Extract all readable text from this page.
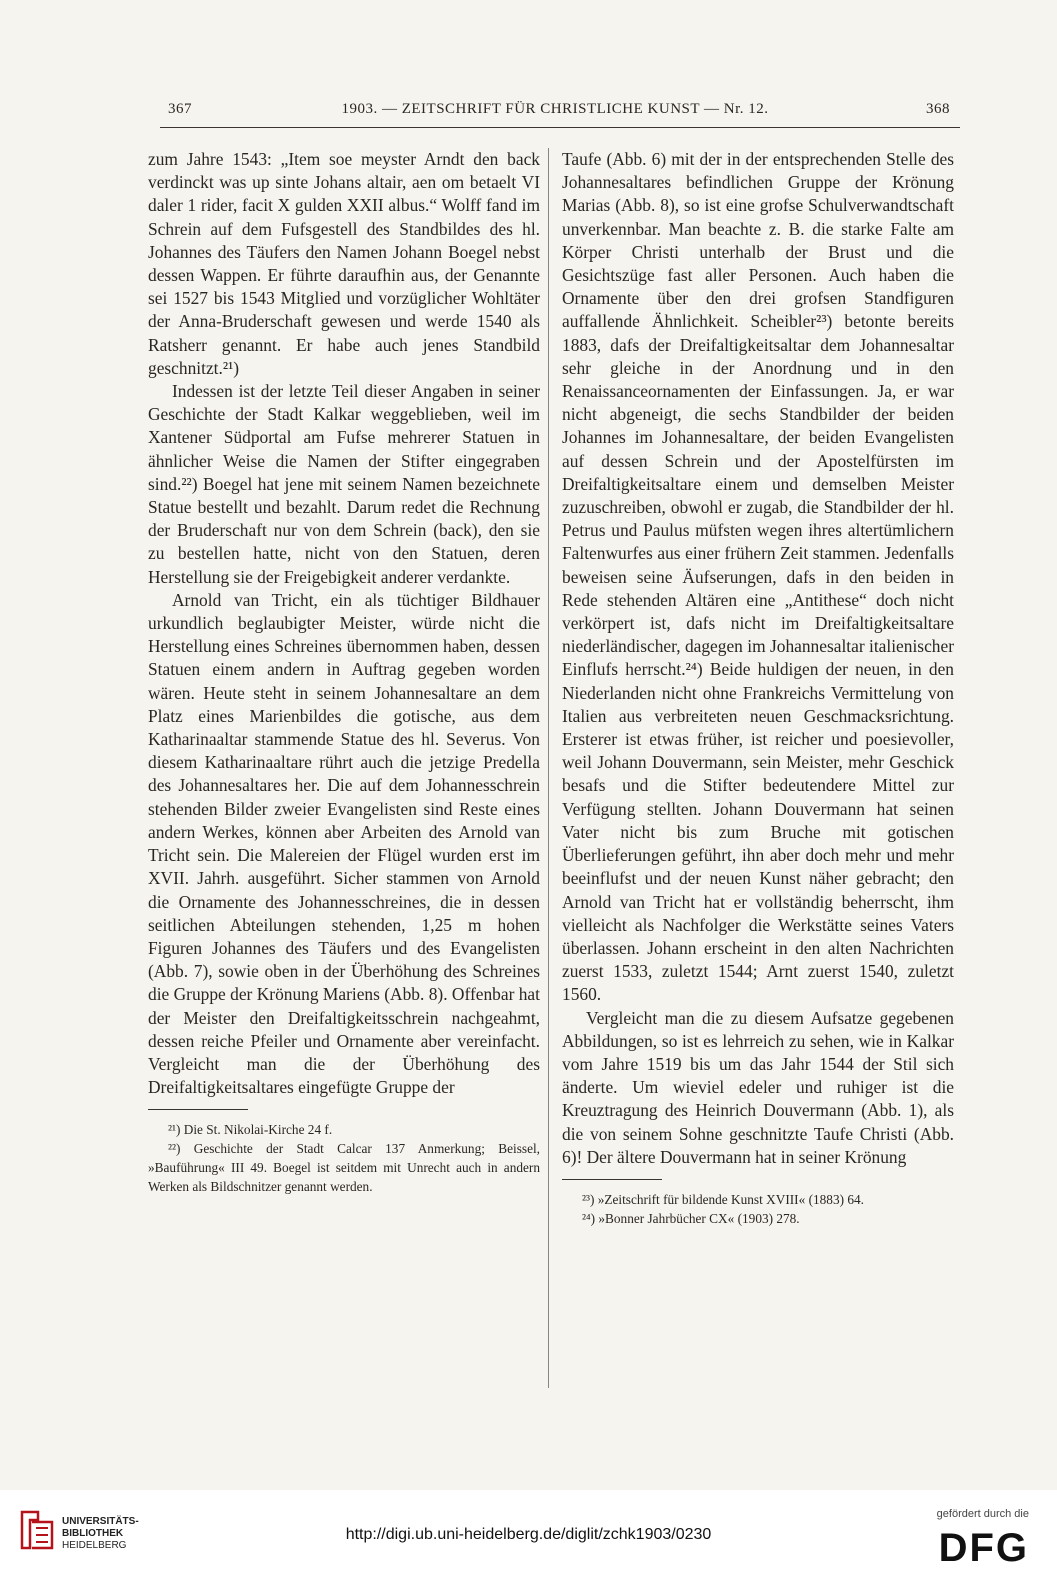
367	1903. — ZEITSCHRIFT FÜR CHRISTLICHE KUNST — Nr. 12.	368

zum Jahre 1543: „Item soe meyster Arndt den back verdinckt was up sinte Johans altair, aen om betaelt VI daler 1 rider, facit X gulden XXII albus.“ Wolff fand im Schrein auf dem Fufsgestell des Standbildes des hl. Johannes des Täufers den Namen Johann Boegel nebst dessen Wappen. Er führte daraufhin aus, der Genannte sei 1527 bis 1543 Mitglied und vorzüglicher Wohltäter der Anna-Bruderschaft gewesen und werde 1540 als Ratsherr genannt. Er habe auch jenes Standbild geschnitzt.²¹)

Indessen ist der letzte Teil dieser Angaben in seiner Geschichte der Stadt Kalkar weggeblieben, weil im Xantener Südportal am Fufse mehrerer Statuen in ähnlicher Weise die Namen der Stifter eingegraben sind.²²) Boegel hat jene mit seinem Namen bezeichnete Statue bestellt und bezahlt. Darum redet die Rechnung der Bruderschaft nur von dem Schrein (back), den sie zu bestellen hatte, nicht von den Statuen, deren Herstellung sie der Freigebigkeit anderer verdankte.

Arnold van Tricht, ein als tüchtiger Bildhauer urkundlich beglaubigter Meister, würde nicht die Herstellung eines Schreines übernommen haben, dessen Statuen einem andern in Auftrag gegeben worden wären. Heute steht in seinem Johannesaltare an dem Platz eines Marienbildes die gotische, aus dem Katharinaaltar stammende Statue des hl. Severus. Von diesem Katharinaaltare rührt auch die jetzige Predella des Johannesaltares her. Die auf dem Johannesschrein stehenden Bilder zweier Evangelisten sind Reste eines andern Werkes, können aber Arbeiten des Arnold van Tricht sein. Die Malereien der Flügel wurden erst im XVII. Jahrh. ausgeführt. Sicher stammen von Arnold die Ornamente des Johannesschreines, die in dessen seitlichen Abteilungen stehenden, 1,25 m hohen Figuren Johannes des Täufers und des Evangelisten (Abb. 7), sowie oben in der Überhöhung des Schreines die Gruppe der Krönung Mariens (Abb. 8). Offenbar hat der Meister den Dreifaltigkeitsschrein nachgeahmt, dessen reiche Pfeiler und Ornamente aber vereinfacht. Vergleicht man die der Überhöhung des Dreifaltigkeitsaltares eingefügte Gruppe der

²¹) Die St. Nikolai-Kirche 24 f.

²²) Geschichte der Stadt Calcar 137 Anmerkung; Beissel, »Bauführung« III 49. Boegel ist seitdem mit Unrecht auch in andern Werken als Bildschnitzer genannt werden.

Taufe (Abb. 6) mit der in der entsprechenden Stelle des Johannesaltares befindlichen Gruppe der Krönung Marias (Abb. 8), so ist eine grofse Schulverwandtschaft unverkennbar. Man beachte z. B. die starke Falte am Körper Christi unterhalb der Brust und die Gesichtszüge fast aller Personen. Auch haben die Ornamente über den drei grofsen Standfiguren auffallende Ähnlichkeit. Scheibler²³) betonte bereits 1883, dafs der Dreifaltigkeitsaltar dem Johannesaltar sehr gleiche in der Anordnung und in den Renaissanceornamenten der Einfassungen. Ja, er war nicht abgeneigt, die sechs Standbilder der beiden Johannes im Johannesaltare, der beiden Evangelisten auf dessen Schrein und der Apostelfürsten im Dreifaltigkeitsaltare einem und demselben Meister zuzuschreiben, obwohl er zugab, die Standbilder der hl. Petrus und Paulus müfsten wegen ihres altertümlichern Faltenwurfes aus einer frühern Zeit stammen. Jedenfalls beweisen seine Äufserungen, dafs in den beiden in Rede stehenden Altären eine „Antithese“ doch nicht verkörpert ist, dafs nicht im Dreifaltigkeitsaltare niederländischer, dagegen im Johannesaltar italienischer Einflufs herrscht.²⁴) Beide huldigen der neuen, in den Niederlanden nicht ohne Frankreichs Vermittelung von Italien aus verbreiteten neuen Geschmacksrichtung. Ersterer ist etwas früher, ist reicher und poesievoller, weil Johann Douvermann, sein Meister, mehr Geschick besafs und die Stifter bedeutendere Mittel zur Verfügung stellten. Johann Douvermann hat seinen Vater nicht bis zum Bruche mit gotischen Überlieferungen geführt, ihn aber doch mehr und mehr beeinflufst und der neuen Kunst näher gebracht; den Arnold van Tricht hat er vollständig beherrscht, ihm vielleicht als Nachfolger die Werkstätte seines Vaters überlassen. Johann erscheint in den alten Nachrichten zuerst 1533, zuletzt 1544; Arnt zuerst 1540, zuletzt 1560.

Vergleicht man die zu diesem Aufsatze gegebenen Abbildungen, so ist es lehrreich zu sehen, wie in Kalkar vom Jahre 1519 bis um das Jahr 1544 der Stil sich änderte. Um wieviel edeler und ruhiger ist die Kreuztragung des Heinrich Douvermann (Abb. 1), als die von seinem Sohne geschnitzte Taufe Christi (Abb. 6)! Der ältere Douvermann hat in seiner Krönung

²³) »Zeitschrift für bildende Kunst XVIII« (1883) 64.

²⁴) »Bonner Jahrbücher CX« (1903) 278.

UNIVERSITÄTS-
BIBLIOTHEK
HEIDELBERG
http://digi.ub.uni-heidelberg.de/diglit/zchk1903/0230
gefördert durch die
DFG
